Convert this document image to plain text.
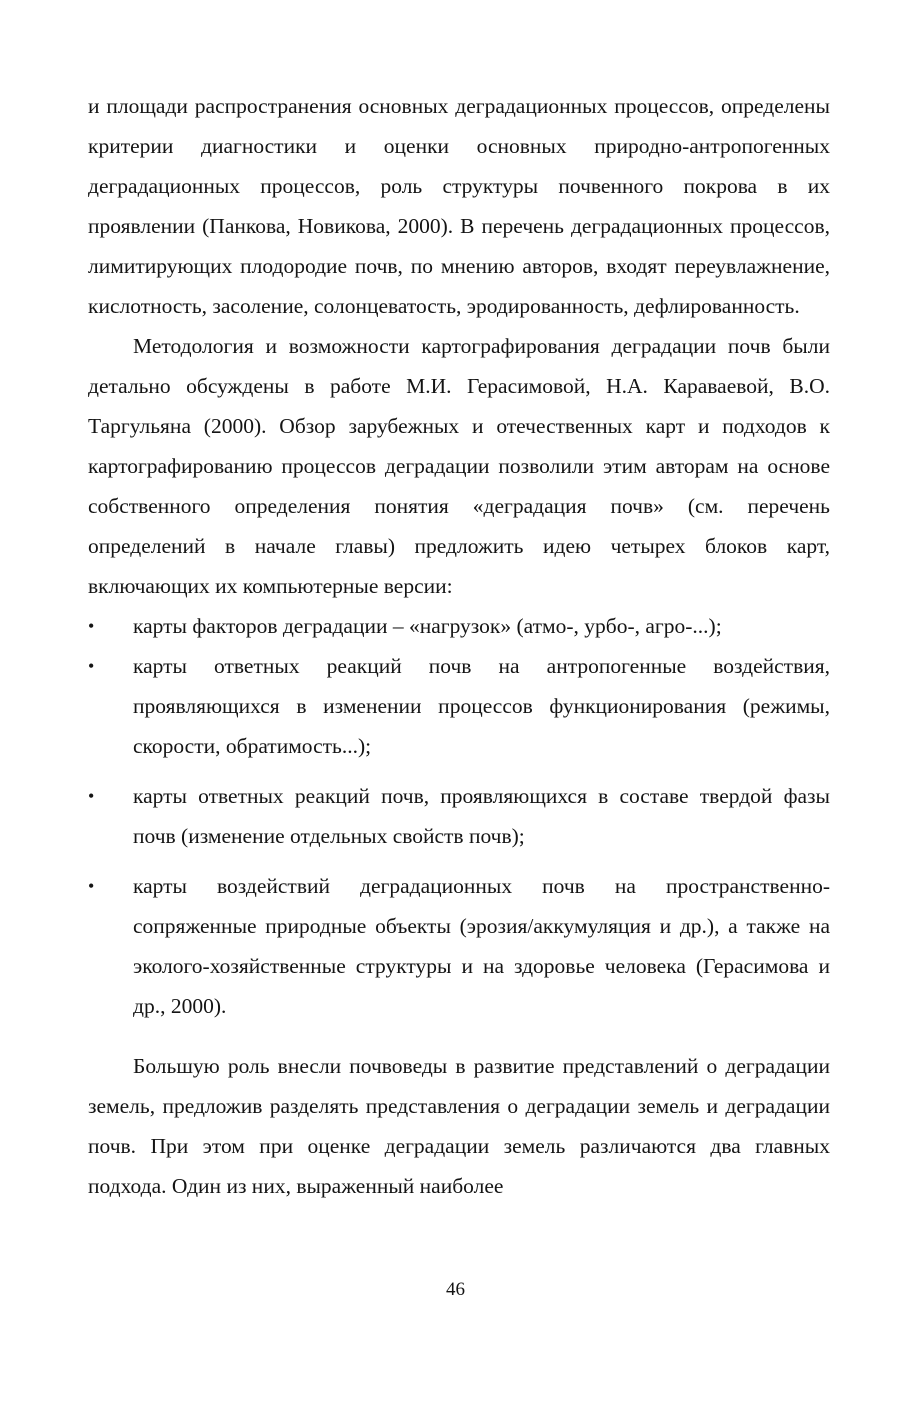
и площади распространения основных деградационных процессов, определены критерии диагностики и оценки основных природно-антропогенных деградационных процессов, роль структуры почвенного покрова в их проявлении (Панкова, Новикова, 2000). В перечень деградационных процессов, лимитирующих плодородие почв, по мнению авторов, входят переувлажнение, кислотность, засоление, солонцеватость, эродированность, дефлированность.

Методология и возможности картографирования деградации почв были детально обсуждены в работе М.И. Герасимовой, Н.А. Караваевой, В.О. Таргульяна (2000). Обзор зарубежных и отечественных карт и подходов к картографированию процессов деградации позволили этим авторам на основе собственного определения понятия «деградация почв» (см. перечень определений в начале главы) предложить идею четырех блоков карт, включающих их компьютерные версии:

• карты факторов деградации – «нагрузок» (атмо-, урбо-, агро-...);
• карты ответных реакций почв на антропогенные воздействия, проявляющихся в изменении процессов функционирования (режимы, скорости, обратимость...);
• карты ответных реакций почв, проявляющихся в составе твердой фазы почв (изменение отдельных свойств почв);
• карты воздействий деградационных почв на пространственно-сопряженные природные объекты (эрозия/аккумуляция и др.), а также на эколого-хозяйственные структуры и на здоровье человека (Герасимова и др., 2000).

Большую роль внесли почвоведы в развитие представлений о деградации земель, предложив разделять представления о деградации земель и деградации почв. При этом при оценке деградации земель различаются два главных подхода. Один из них, выраженный наиболее

46
